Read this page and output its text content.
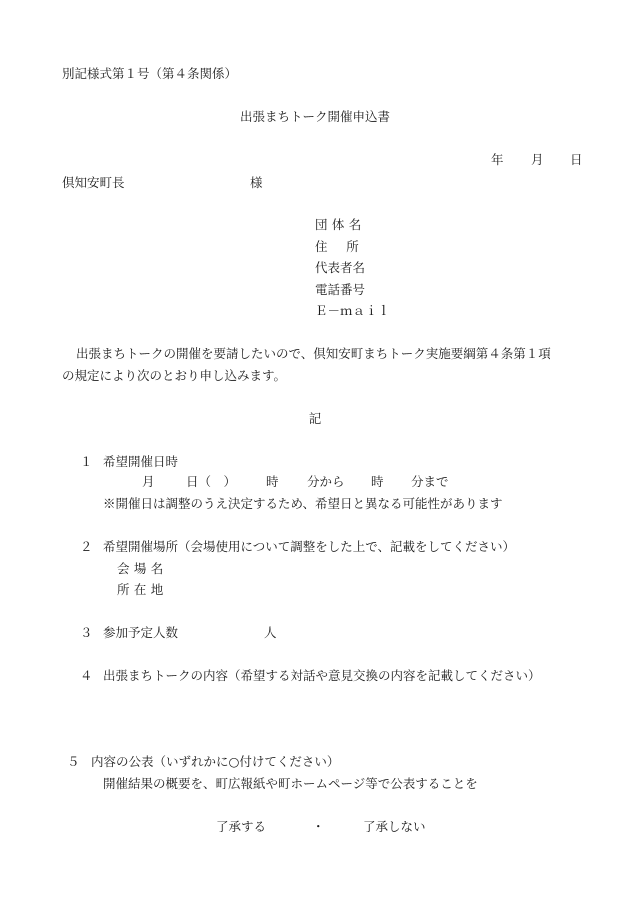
別記様式第１号（第４条関係）
出張まちトーク開催申込書
年 月 日
倶知安町長	様
団体名
住所
代表者名
電話番号
Ｅ－ｍａｉｌ
出張まちトークの開催を要請したいので、倶知安町まちトーク実施要綱第４条第１項
の規定により次のとおり申し込みます。
記
１ 希望開催日時
月	日（　） 時 分から 時 分まで
※開催日は調整のうえ決定するため、希望日と異なる可能性があります
２ 希望開催場所（会場使用について調整をした上で、記載をしてください）
会場名
所在地
３ 参加予定人数	人
４ 出張まちトークの内容（希望する対話や意見交換の内容を記載してください）
５ 内容の公表（いずれかに○付けてください）
開催結果の概要を、町広報紙や町ホームページ等で公表することを
了承する	・	了承しない
